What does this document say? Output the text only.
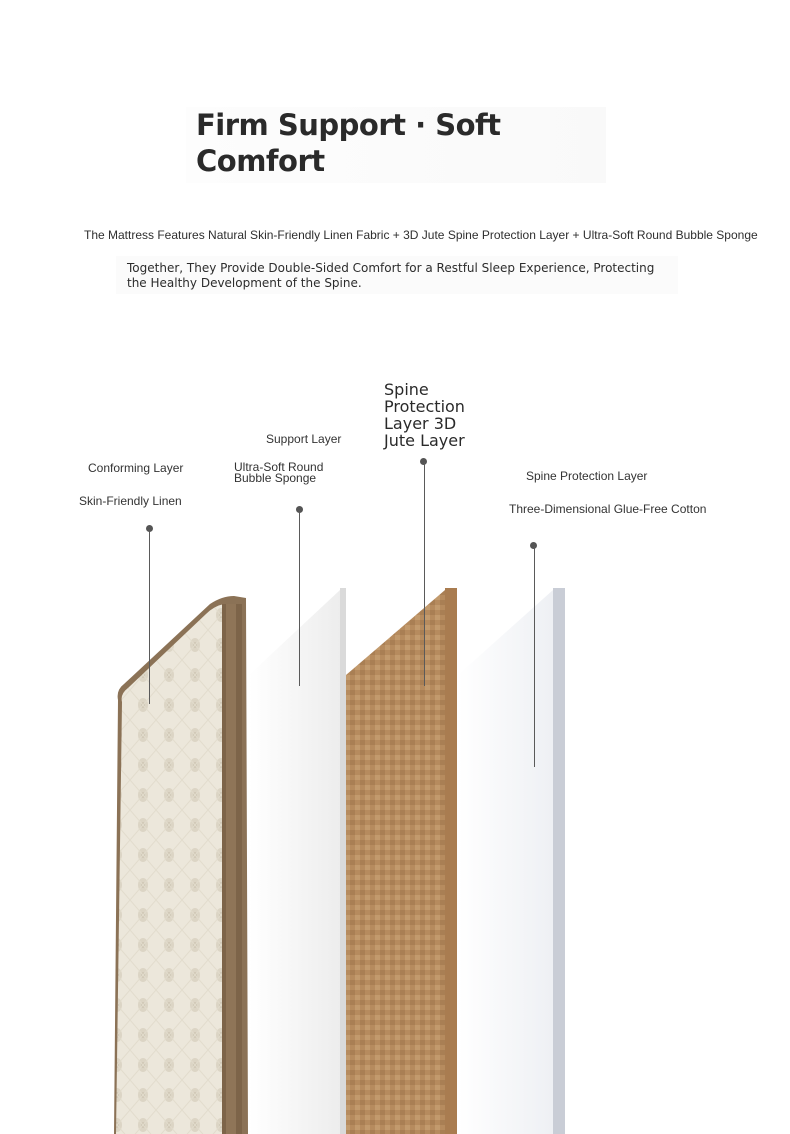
Firm Support · Soft Comfort
The Mattress Features Natural Skin-Friendly Linen Fabric + 3D Jute Spine Protection Layer + Ultra-Soft Round Bubble Sponge
Together, They Provide Double-Sided Comfort for a Restful Sleep Experience, Protecting the Healthy Development of the Spine.
Conforming Layer
Skin-Friendly Linen
Support Layer
Ultra-Soft Round Bubble Sponge
Spine Protection Layer 3D Jute Layer
Spine Protection Layer
Three-Dimensional Glue-Free Cotton
